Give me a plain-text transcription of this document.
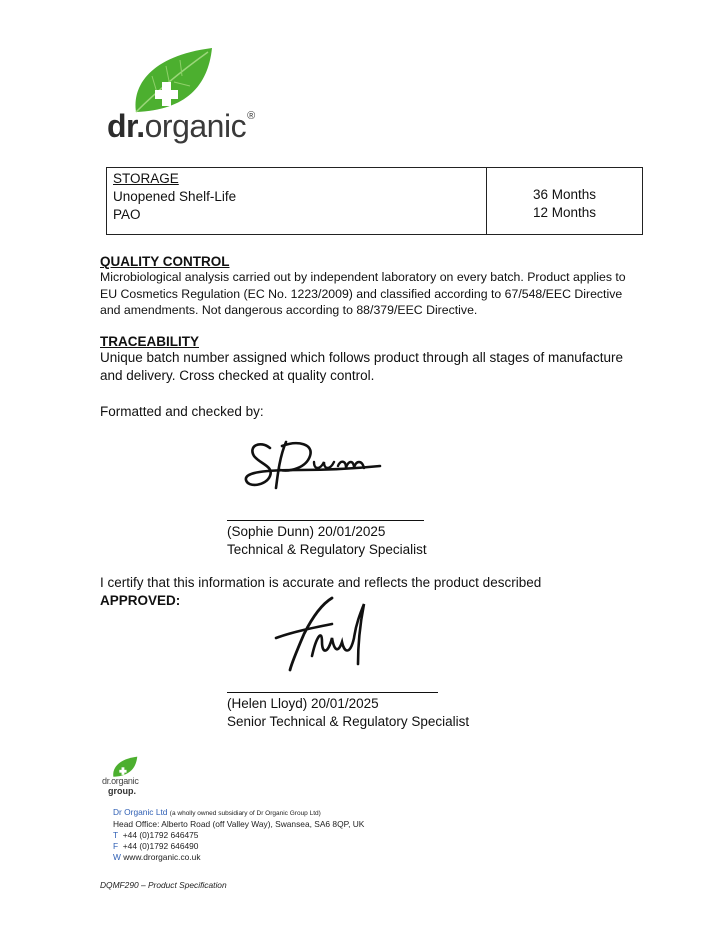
dr.organic®
STORAGE
Unopened Shelf-Life
PAO
36 Months
12 Months
QUALITY CONTROL
Microbiological analysis carried out by independent laboratory on every batch. Product applies to EU Cosmetics Regulation (EC No. 1223/2009) and classified according to 67/548/EEC Directive and amendments. Not dangerous according to 88/379/EEC Directive.
TRACEABILITY
Unique batch number assigned which follows product through all stages of manufacture and delivery. Cross checked at quality control.
Formatted and checked by:
(Sophie Dunn) 20/01/2025
Technical & Regulatory Specialist
I certify that this information is accurate and reflects the product described
APPROVED:
(Helen Lloyd) 20/01/2025
Senior Technical & Regulatory Specialist
dr.organic
group.
Dr Organic Ltd (a wholly owned subsidiary of Dr Organic Group Ltd)
Head Office: Alberto Road (off Valley Way), Swansea, SA6 8QP, UK
T +44 (0)1792 646475
F +44 (0)1792 646490
W www.drorganic.co.uk
DQMF290 – Product Specification
